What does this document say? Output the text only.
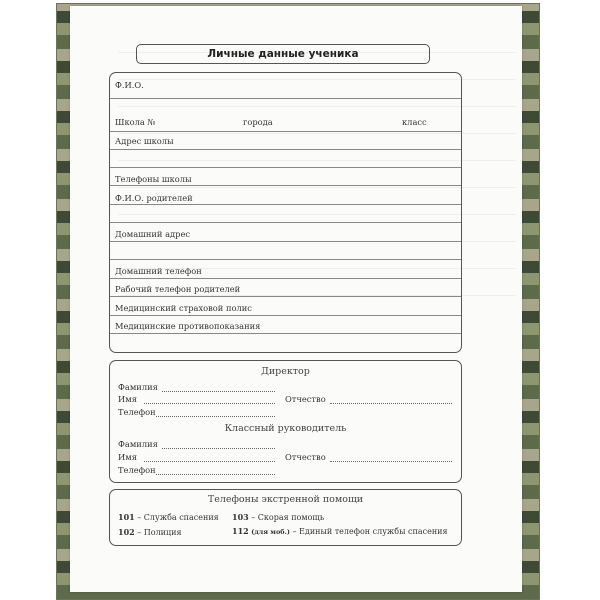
Личные данные ученика
Ф.И.О.
Школа №	города	класс
Адрес школы
Телефоны школы
Ф.И.О. родителей
Домашний адрес
Домашний телефон
Рабочий телефон родителей
Медицинский страховой полис
Медицинские противопоказания
Директор
Фамилия
Имя	Отчество
Телефон
Классный руководитель
Фамилия
Имя	Отчество
Телефон
Телефоны экстренной помощи
101 – Служба спасения 103 – Скорая помощь
102 – Полиция	112 (для моб.) – Единый телефон службы спасения
